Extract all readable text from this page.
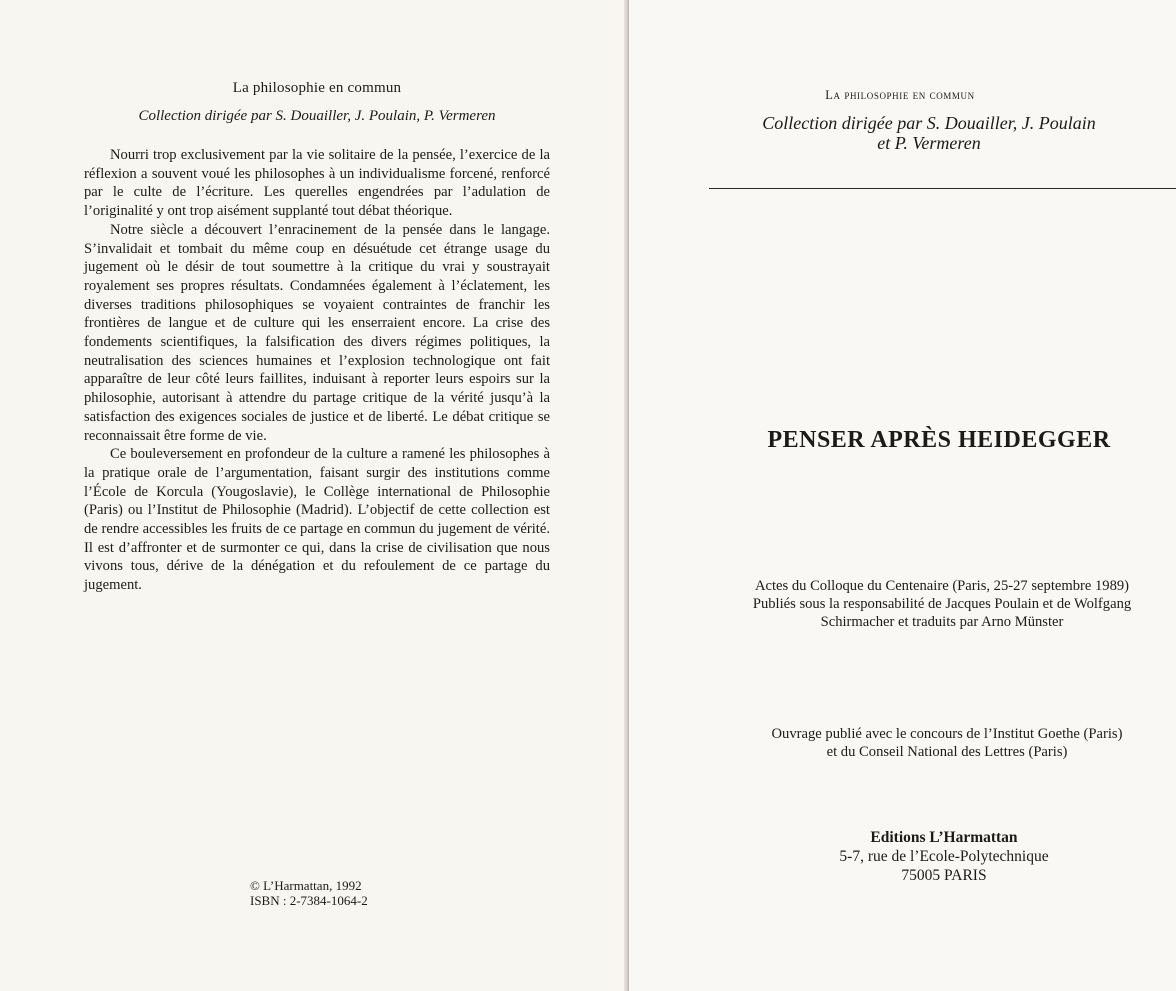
La philosophie en commun
Collection dirigée par S. Douailler, J. Poulain, P. Vermeren

Nourri trop exclusivement par la vie solitaire de la pensée, l’exercice de la réflexion a souvent voué les philosophes à un individualisme forcené, renforcé par le culte de l’écriture. Les querelles engendrées par l’adulation de l’originalité y ont trop aisément supplanté tout débat théorique.

Notre siècle a découvert l’enracinement de la pensée dans le langage. S’invalidait et tombait du même coup en désuétude cet étrange usage du jugement où le désir de tout soumettre à la critique du vrai y soustrayait royalement ses propres résultats. Condamnées également à l’éclatement, les diverses traditions philosophiques se voyaient contraintes de franchir les frontières de langue et de culture qui les enserraient encore. La crise des fondements scientifiques, la falsification des divers régimes politiques, la neutralisation des sciences humaines et l’explosion technologique ont fait apparaître de leur côté leurs faillites, induisant à reporter leurs espoirs sur la philosophie, autorisant à attendre du partage critique de la vérité jusqu’à la satisfaction des exigences sociales de justice et de liberté. Le débat critique se reconnaissait être forme de vie.

Ce bouleversement en profondeur de la culture a ramené les philosophes à la pratique orale de l’argumentation, faisant surgir des institutions comme l’École de Korcula (Yougoslavie), le Collège international de Philosophie (Paris) ou l’Institut de Philosophie (Madrid). L’objectif de cette collection est de rendre accessibles les fruits de ce partage en commun du jugement de vérité. Il est d’affronter et de surmonter ce qui, dans la crise de civilisation que nous vivons tous, dérive de la dénégation et du refoulement de ce partage du jugement.

© L’Harmattan, 1992
ISBN : 2-7384-1064-2
La philosophie en commun
Collection dirigée par S. Douailler, J. Poulain
et P. Vermeren
PENSER APRÈS HEIDEGGER
Actes du Colloque du Centenaire (Paris, 25-27 septembre 1989)
Publiés sous la responsabilité de Jacques Poulain et de Wolfgang
Schirmacher et traduits par Arno Münster
Ouvrage publié avec le concours de l’Institut Goethe (Paris)
et du Conseil National des Lettres (Paris)
Editions L’Harmattan
5-7, rue de l’Ecole-Polytechnique
75005 PARIS
